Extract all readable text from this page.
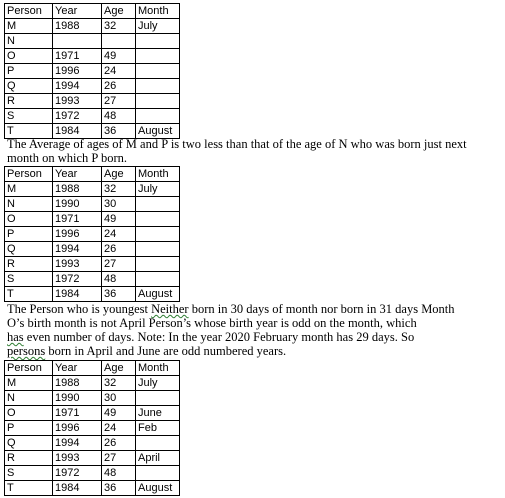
Person	Year	Age	Month
M	1988	32	July
N			
O	1971	49	
P	1996	24	
Q	1994	26	
R	1993	27	
S	1972	48	
T	1984	36	August
The Average of ages of M and P is two less than that of the age of N who was born just next
month on which P born.
Person	Year	Age	Month
M	1988	32	July
N	1990	30	
O	1971	49	
P	1996	24	
Q	1994	26	
R	1993	27	
S	1972	48	
T	1984	36	August
The Person who is youngest Neither born in 30 days of month nor born in 31 days Month
O’s birth month is not April Person’s whose birth year is odd on the month, which
has even number of days. Note: In the year 2020 February month has 29 days. So
persons born in April and June are odd numbered years.
Person	Year	Age	Month
M	1988	32	July
N	1990	30	
O	1971	49	June
P	1996	24	Feb
Q	1994	26	
R	1993	27	April
S	1972	48	
T	1984	36	August
